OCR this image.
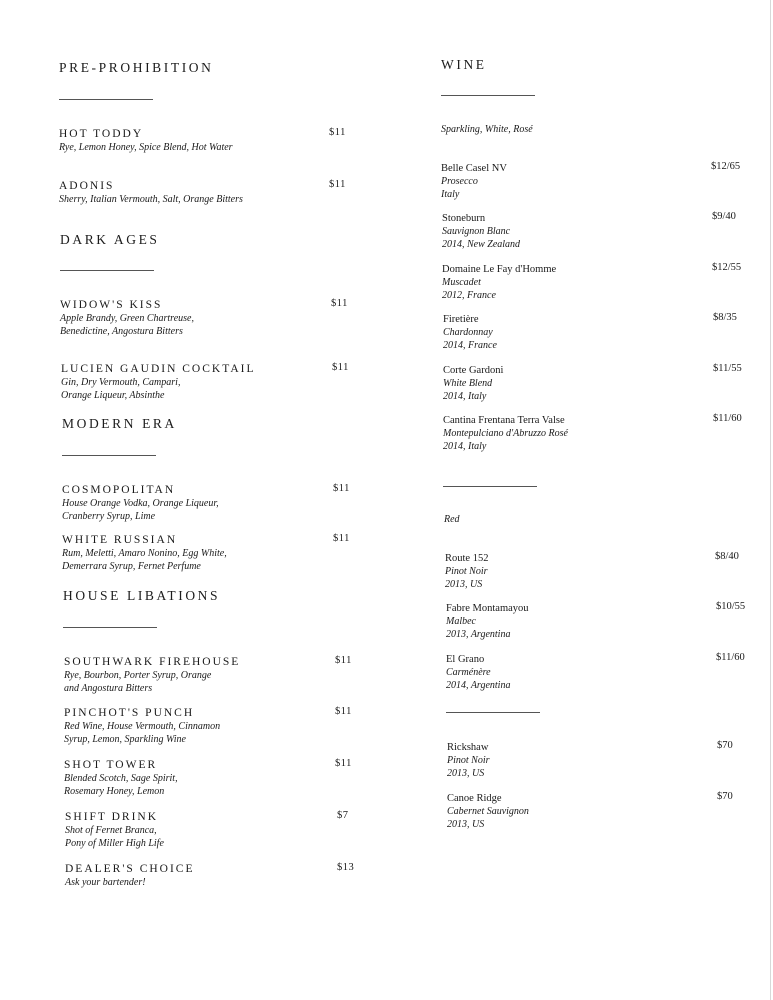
PRE-PROHIBITION
HOT TODDY
Rye, Lemon Honey, Spice Blend, Hot Water
$11
ADONIS
Sherry, Italian Vermouth, Salt, Orange Bitters
$11
DARK AGES
WIDOW'S KISS
Apple Brandy, Green Chartreuse,
Benedictine, Angostura Bitters
$11
LUCIEN GAUDIN COCKTAIL
Gin, Dry Vermouth, Campari,
Orange Liqueur, Absinthe
$11
MODERN ERA
COSMOPOLITAN
House Orange Vodka, Orange Liqueur,
Cranberry Syrup, Lime
$11
WHITE RUSSIAN
Rum, Meletti, Amaro Nonino, Egg White,
Demerrara Syrup, Fernet Perfume
$11
HOUSE LIBATIONS
SOUTHWARK FIREHOUSE
Rye, Bourbon, Porter Syrup, Orange
and Angostura Bitters
$11
PINCHOT'S PUNCH
Red Wine, House Vermouth, Cinnamon
Syrup, Lemon, Sparkling Wine
$11
SHOT TOWER
Blended Scotch, Sage Spirit,
Rosemary Honey, Lemon
$11
SHIFT DRINK
Shot of Fernet Branca,
Pony of Miller High Life
$7
DEALER'S CHOICE
Ask your bartender!
$13
WINE
Sparkling, White, Rosé
Belle Casel NV
Prosecco
Italy
$12/65
Stoneburn
Sauvignon Blanc
2014, New Zealand
$9/40
Domaine Le Fay d'Homme
Muscadet
2012, France
$12/55
Firetière
Chardonnay
2014, France
$8/35
Corte Gardoni
White Blend
2014, Italy
$11/55
Cantina Frentana Terra Valse
Montepulciano d'Abruzzo Rosé
2014, Italy
$11/60
Red
Route 152
Pinot Noir
2013, US
$8/40
Fabre Montamayou
Malbec
2013, Argentina
$10/55
El Grano
Carménère
2014, Argentina
$11/60
Rickshaw
Pinot Noir
2013, US
$70
Canoe Ridge
Cabernet Sauvignon
2013, US
$70
